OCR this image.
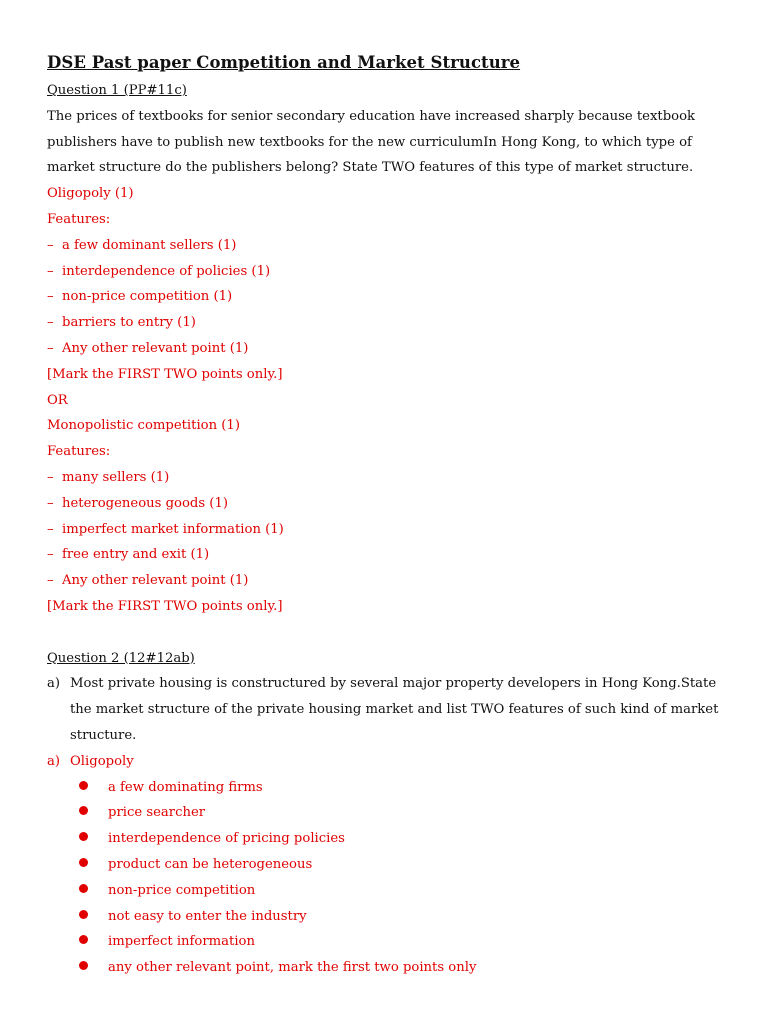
DSE Past paper Competition and Market Structure
Question 1 (PP#11c)
The prices of textbooks for senior secondary education have increased sharply because textbook
publishers have to publish new textbooks for the new curriculumIn Hong Kong, to which type of
market structure do the publishers belong? State TWO features of this type of market structure.
Oligopoly (1)
Features:
– a few dominant sellers (1)
– interdependence of policies (1)
– non-price competition (1)
– barriers to entry (1)
– Any other relevant point (1)
[Mark the FIRST TWO points only.]
OR
Monopolistic competition (1)
Features:
– many sellers (1)
– heterogeneous goods (1)
– imperfect market information (1)
– free entry and exit (1)
– Any other relevant point (1)
[Mark the FIRST TWO points only.]
Question 2 (12#12ab)
a) Most private housing is constructured by several major property developers in Hong Kong.State
the market structure of the private housing market and list TWO features of such kind of market
structure.
a) Oligopoly
a few dominating firms
price searcher
interdependence of pricing policies
product can be heterogeneous
non-price competition
not easy to enter the industry
imperfect information
any other relevant point, mark the first two points only
